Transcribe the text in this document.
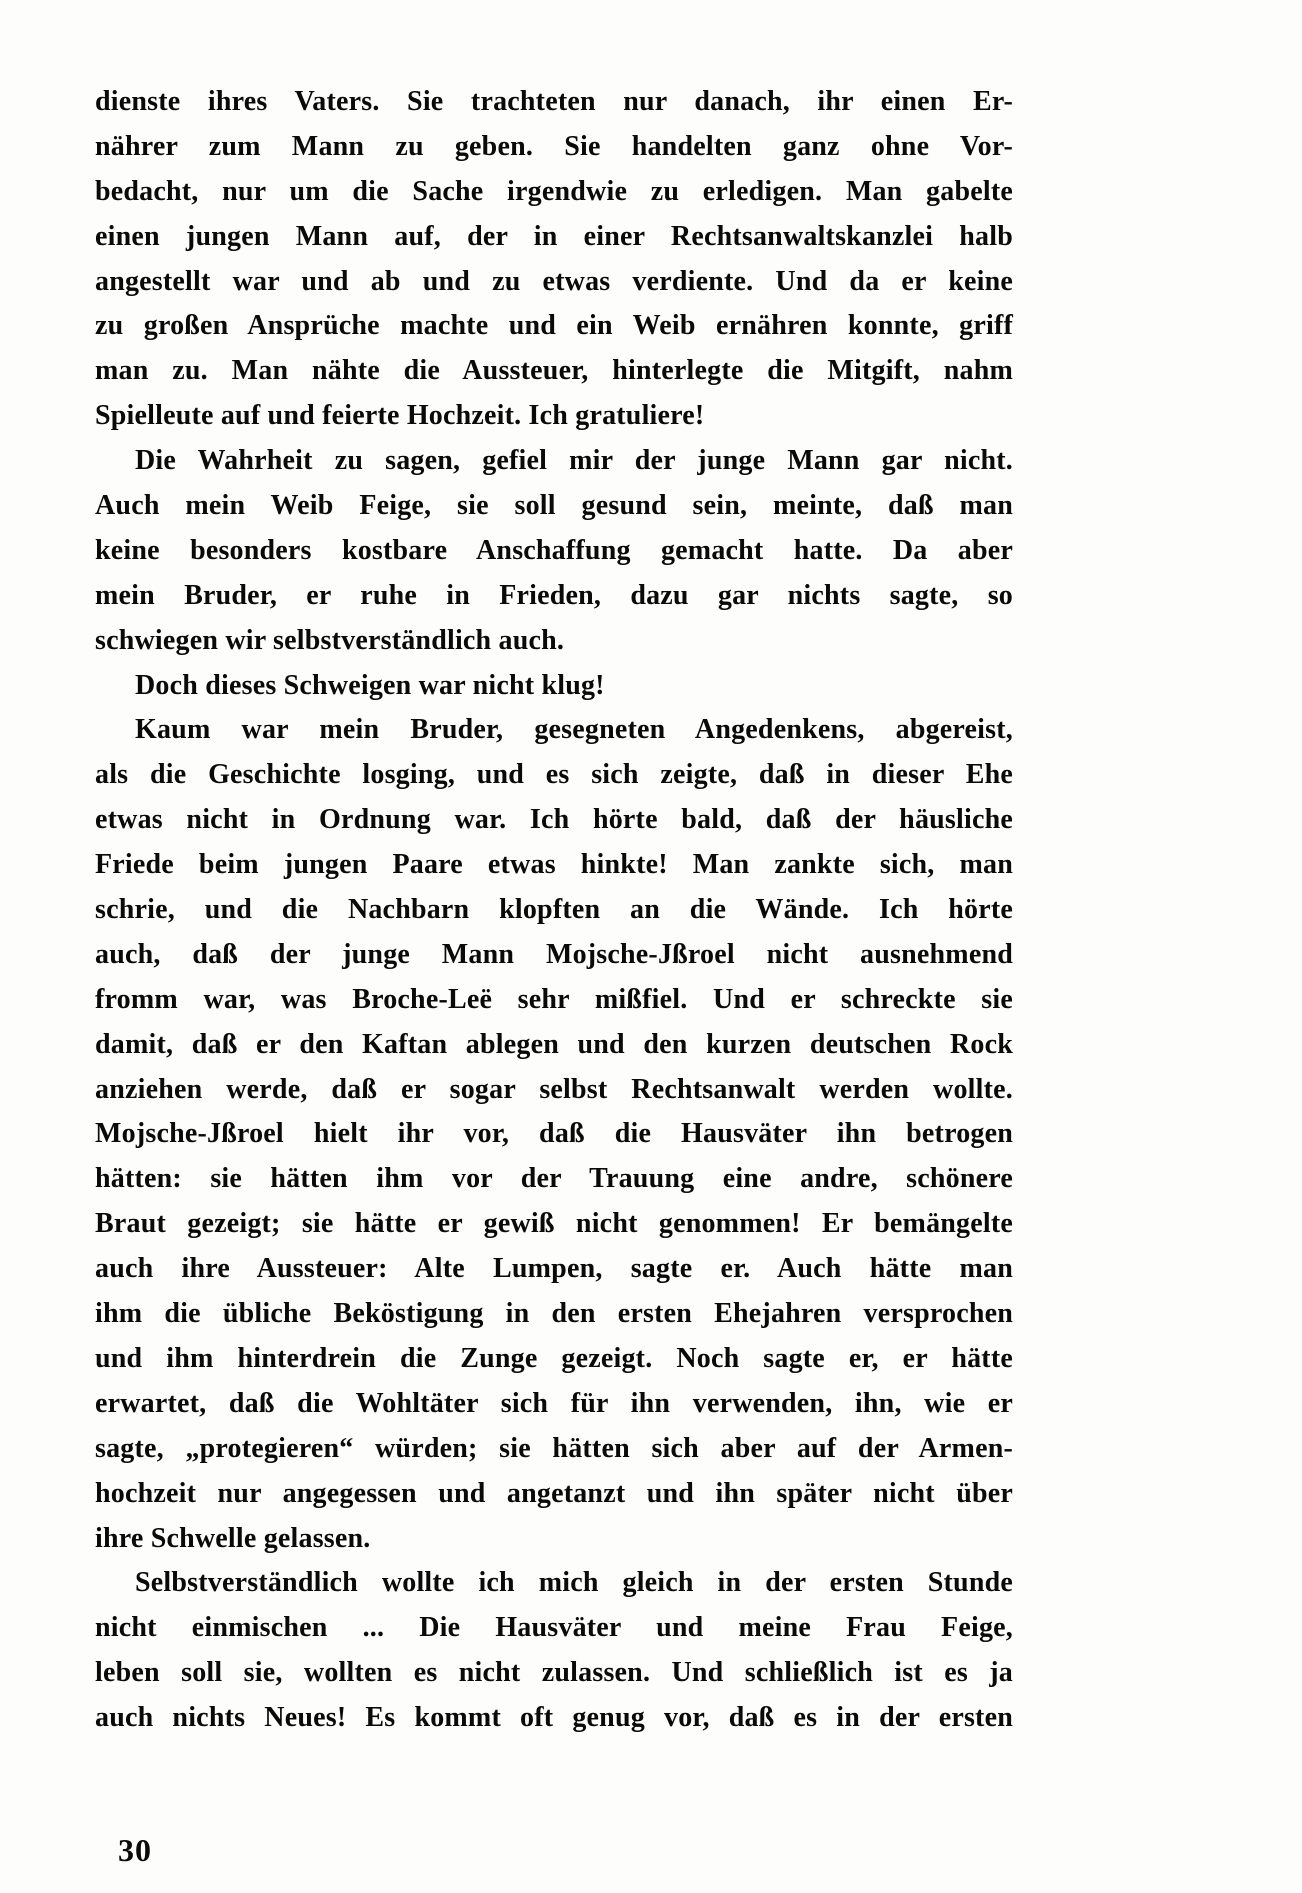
dienste ihres Vaters. Sie trachteten nur danach, ihr einen Er-
nährer zum Mann zu geben. Sie handelten ganz ohne Vor-
bedacht, nur um die Sache irgendwie zu erledigen. Man gabelte
einen jungen Mann auf, der in einer Rechtsanwaltskanzlei halb
angestellt war und ab und zu etwas verdiente. Und da er keine
zu großen Ansprüche machte und ein Weib ernähren konnte, griff
man zu. Man nähte die Aussteuer, hinterlegte die Mitgift, nahm
Spielleute auf und feierte Hochzeit. Ich gratuliere!
Die Wahrheit zu sagen, gefiel mir der junge Mann gar nicht.
Auch mein Weib Feige, sie soll gesund sein, meinte, daß man
keine besonders kostbare Anschaffung gemacht hatte. Da aber
mein Bruder, er ruhe in Frieden, dazu gar nichts sagte, so
schwiegen wir selbstverständlich auch.
Doch dieses Schweigen war nicht klug!
Kaum war mein Bruder, gesegneten Angedenkens, abgereist,
als die Geschichte losging, und es sich zeigte, daß in dieser Ehe
etwas nicht in Ordnung war. Ich hörte bald, daß der häusliche
Friede beim jungen Paare etwas hinkte! Man zankte sich, man
schrie, und die Nachbarn klopften an die Wände. Ich hörte
auch, daß der junge Mann Mojsche-Jßroel nicht ausnehmend
fromm war, was Broche-Leë sehr mißfiel. Und er schreckte sie
damit, daß er den Kaftan ablegen und den kurzen deutschen Rock
anziehen werde, daß er sogar selbst Rechtsanwalt werden wollte.
Mojsche-Jßroel hielt ihr vor, daß die Hausväter ihn betrogen
hätten: sie hätten ihm vor der Trauung eine andre, schönere
Braut gezeigt; sie hätte er gewiß nicht genommen! Er bemängelte
auch ihre Aussteuer: Alte Lumpen, sagte er. Auch hätte man
ihm die übliche Beköstigung in den ersten Ehejahren versprochen
und ihm hinterdrein die Zunge gezeigt. Noch sagte er, er hätte
erwartet, daß die Wohltäter sich für ihn verwenden, ihn, wie er
sagte, „protegieren“ würden; sie hätten sich aber auf der Armen-
hochzeit nur angegessen und angetanzt und ihn später nicht über
ihre Schwelle gelassen.
Selbstverständlich wollte ich mich gleich in der ersten Stunde
nicht einmischen ... Die Hausväter und meine Frau Feige,
leben soll sie, wollten es nicht zulassen. Und schließlich ist es ja
auch nichts Neues! Es kommt oft genug vor, daß es in der ersten
30
